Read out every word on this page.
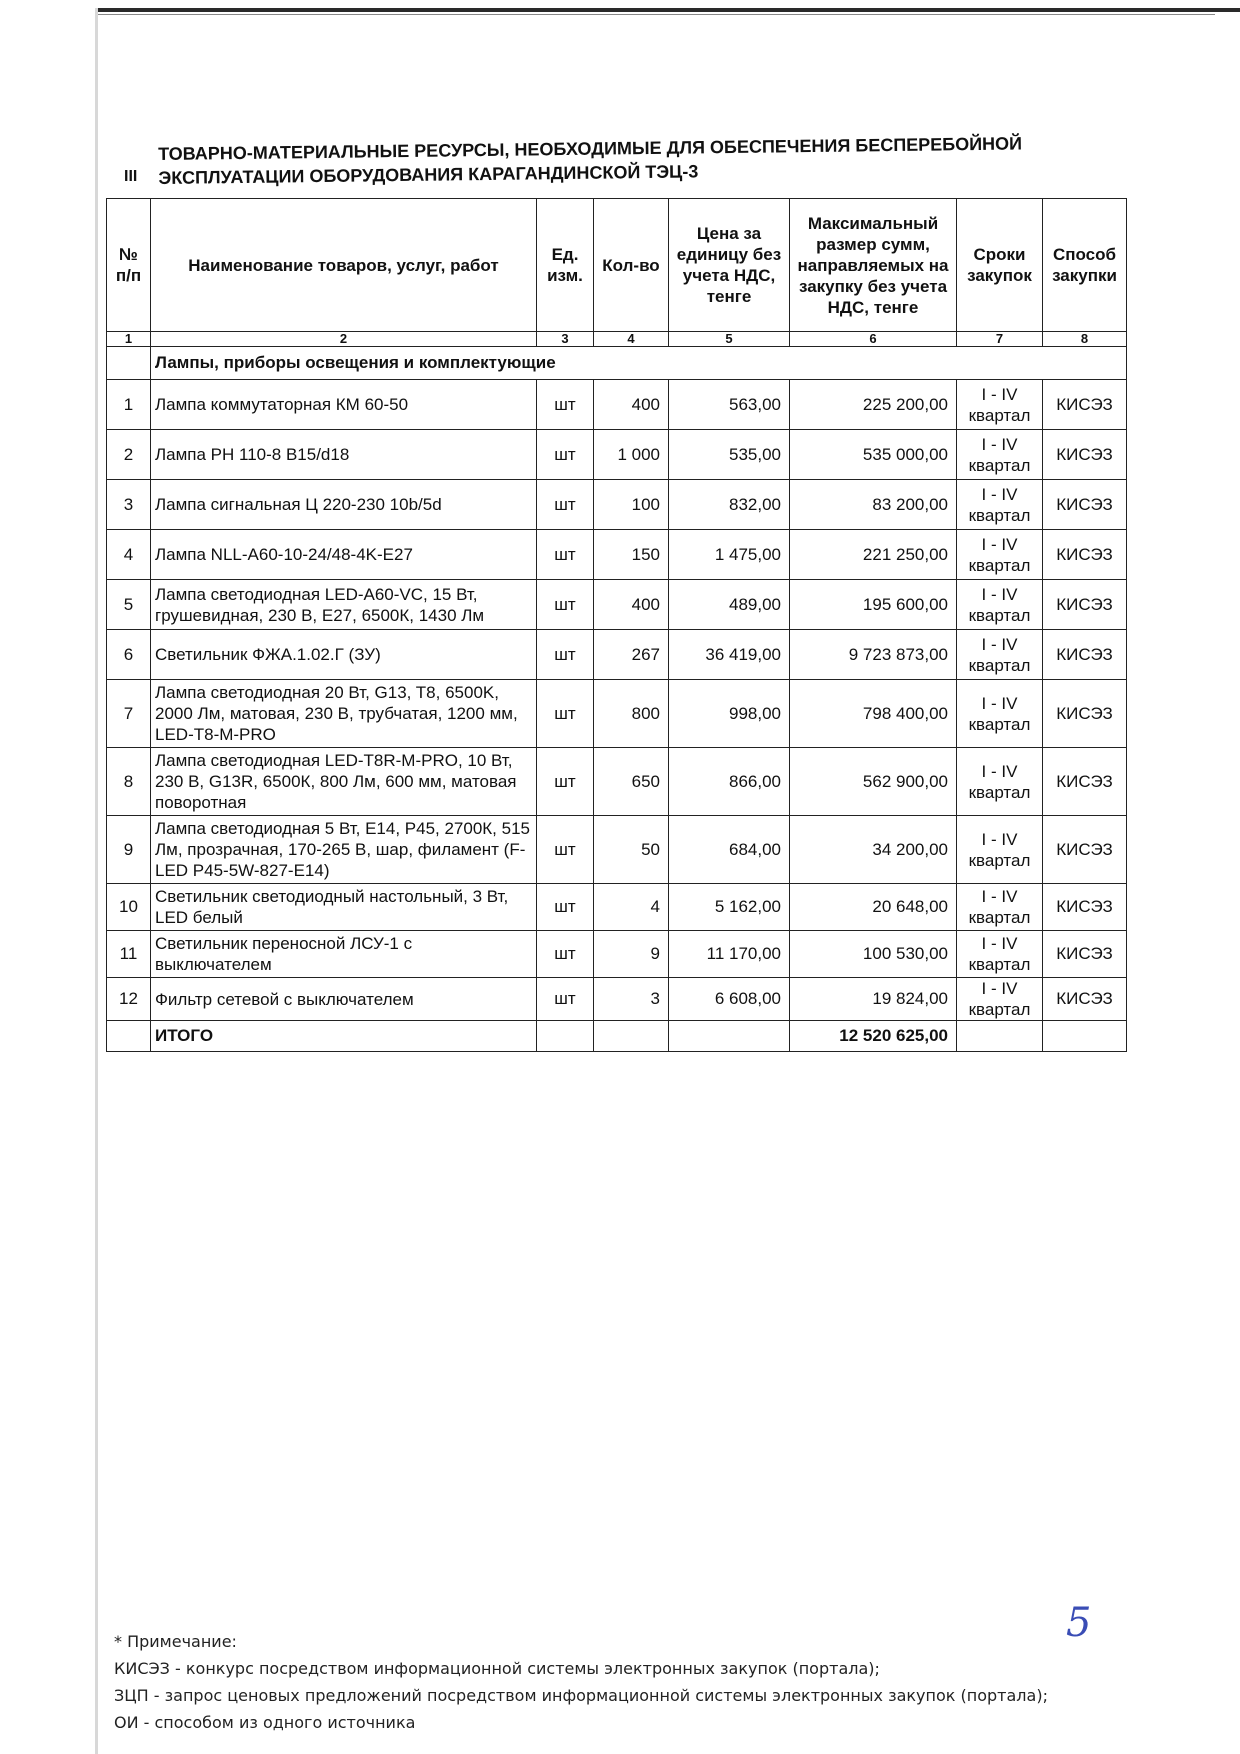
III
ТОВАРНО-МАТЕРИАЛЬНЫЕ РЕСУРСЫ, НЕОБХОДИМЫЕ ДЛЯ ОБЕСПЕЧЕНИЯ БЕСПЕРЕБОЙНОЙ ЭКСПЛУАТАЦИИ ОБОРУДОВАНИЯ КАРАГАНДИНСКОЙ ТЭЦ-3
№ п/п	Наименование товаров, услуг, работ	Ед. изм.	Кол-во	Цена за единицу без учета НДС, тенге	Максимальный размер сумм, направляемых на закупку без учета НДС, тенге	Сроки закупок	Способ закупки
1	2	3	4	5	6	7	8
	Лампы, приборы освещения и комплектующие						
1	Лампа коммутаторная КМ 60-50	шт	400	563,00	225 200,00	I - IV квартал	КИСЭЗ
2	Лампа РН 110-8 B15/d18	шт	1 000	535,00	535 000,00	I - IV квартал	КИСЭЗ
3	Лампа сигнальная Ц 220-230 10b/5d	шт	100	832,00	83 200,00	I - IV квартал	КИСЭЗ
4	Лампа NLL-A60-10-24/48-4K-E27	шт	150	1 475,00	221 250,00	I - IV квартал	КИСЭЗ
5	Лампа светодиодная LED-A60-VC, 15 Вт, грушевидная, 230 В, Е27, 6500К, 1430 Лм	шт	400	489,00	195 600,00	I - IV квартал	КИСЭЗ
6	Светильник ФЖА.1.02.Г (ЗУ)	шт	267	36 419,00	9 723 873,00	I - IV квартал	КИСЭЗ
7	Лампа светодиодная 20 Вт, G13, T8, 6500K, 2000 Лм, матовая, 230 В, трубчатая, 1200 мм, LED-T8-M-PRO	шт	800	998,00	798 400,00	I - IV квартал	КИСЭЗ
8	Лампа светодиодная LED-T8R-M-PRO, 10 Вт, 230 В, G13R, 6500К, 800 Лм, 600 мм, матовая поворотная	шт	650	866,00	562 900,00	I - IV квартал	КИСЭЗ
9	Лампа светодиодная 5 Вт, Е14, Р45, 2700К, 515 Лм, прозрачная, 170-265 В, шар, филамент (F-LED P45-5W-827-E14)	шт	50	684,00	34 200,00	I - IV квартал	КИСЭЗ
10	Светильник светодиодный настольный, 3 Вт, LED белый	шт	4	5 162,00	20 648,00	I - IV квартал	КИСЭЗ
11	Светильник переносной ЛСУ-1 с выключателем	шт	9	11 170,00	100 530,00	I - IV квартал	КИСЭЗ
12	Фильтр сетевой с выключателем	шт	3	6 608,00	19 824,00	I - IV квартал	КИСЭЗ
	ИТОГО				12 520 625,00		
5
* Примечание:
КИСЭЗ - конкурс посредством информационной системы электронных закупок (портала);
ЗЦП - запрос ценовых предложений посредством информационной системы электронных закупок (портала);
ОИ - способом из одного источника
